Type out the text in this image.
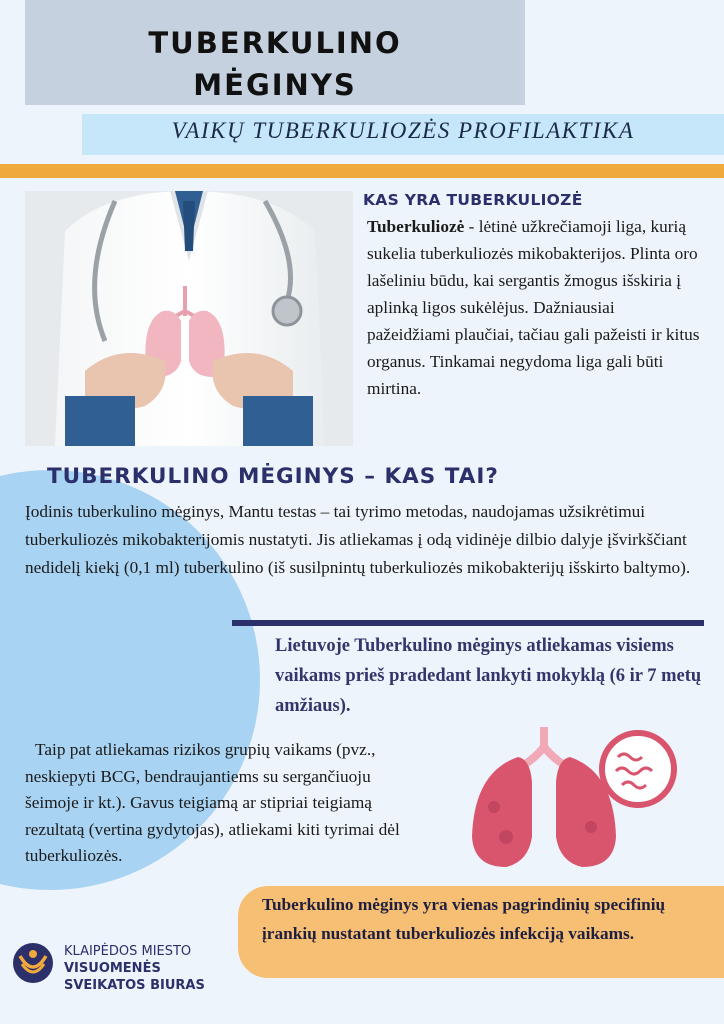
TUBERKULINO
MĖGINYS
VAIKŲ TUBERKULIOZĖS PROFILAKTIKA
KAS YRA TUBERKULIOZĖ

Tuberkuliozė - lėtinė užkrečiamoji liga, kurią sukelia tuberkuliozės mikobakterijos. Plinta oro lašeliniu būdu, kai sergantis žmogus išskiria į aplinką ligos sukėlėjus. Dažniausiai pažeidžiami plaučiai, tačiau gali pažeisti ir kitus organus. Tinkamai negydoma liga gali būti mirtina.

TUBERKULINO MĖGINYS – KAS TAI?

Įodinis tuberkulino mėginys, Mantu testas – tai tyrimo metodas, naudojamas užsikrėtimui tuberkuliozės mikobakterijomis nustatyti. Jis atliekamas į odą vidinėje dilbio dalyje įšvirkščiant nedidelį kiekį (0,1 ml) tuberkulino (iš susilpnintų tuberkuliozės mikobakterijų išskirto baltymo).

Lietuvoje Tuberkulino mėginys atliekamas visiems vaikams prieš pradedant lankyti mokyklą (6 ir 7 metų amžiaus).

Taip pat atliekamas rizikos grupių vaikams (pvz., neskiepyti BCG, bendraujantiems su sergančiuoju šeimoje ir kt.). Gavus teigiamą ar stipriai teigiamą rezultatą (vertina gydytojas), atliekami kiti tyrimai dėl tuberkuliozės.

Tuberkulino mėginys yra vienas pagrindinių specifinių įrankių nustatant tuberkuliozės infekciją vaikams.

KLAIPĖDOS MIESTO
VISUOMENĖS
SVEIKATOS BIURAS
